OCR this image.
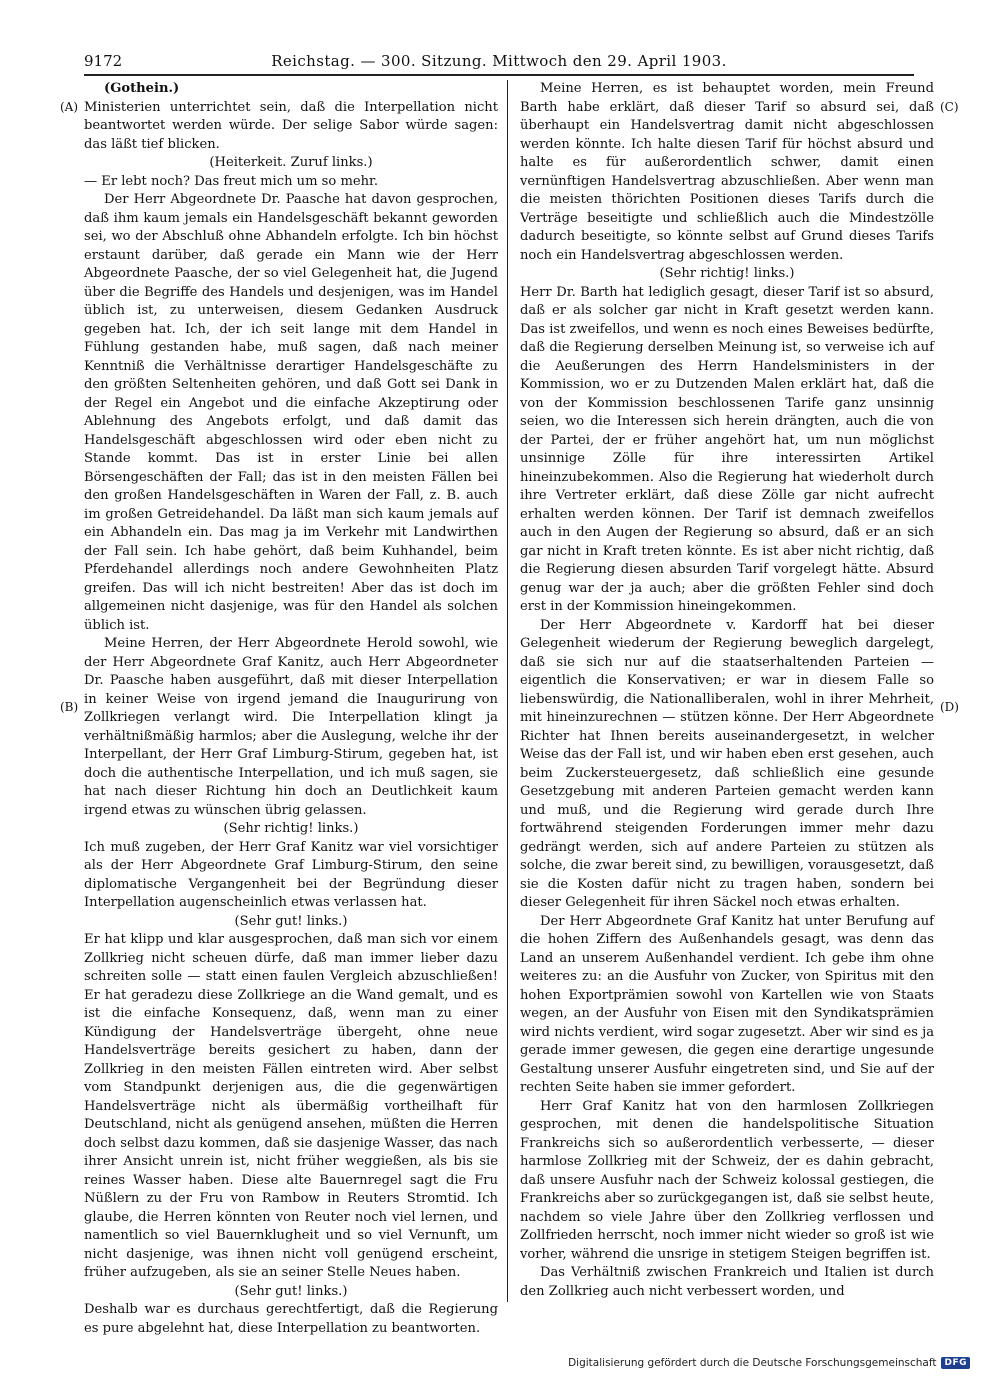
9172	Reichstag. — 300. Sitzung. Mittwoch den 29. April 1903.
(A)
(B)
(C)
(D)

(Gothein.)

Ministerien unterrichtet sein, daß die Interpellation nicht beantwortet werden würde. Der selige Sabor würde sagen: das läßt tief blicken.

(Heiterkeit. Zuruf links.)

— Er lebt noch? Das freut mich um so mehr.

Der Herr Abgeordnete Dr. Paasche hat davon gesprochen, daß ihm kaum jemals ein Handelsgeschäft bekannt geworden sei, wo der Abschluß ohne Abhandeln erfolgte. Ich bin höchst erstaunt darüber, daß gerade ein Mann wie der Herr Abgeordnete Paasche, der so viel Gelegenheit hat, die Jugend über die Begriffe des Handels und desjenigen, was im Handel üblich ist, zu unterweisen, diesem Gedanken Ausdruck gegeben hat. Ich, der ich seit lange mit dem Handel in Fühlung gestanden habe, muß sagen, daß nach meiner Kenntniß die Verhältnisse derartiger Handelsgeschäfte zu den größten Seltenheiten gehören, und daß Gott sei Dank in der Regel ein Angebot und die einfache Akzeptirung oder Ablehnung des Angebots erfolgt, und daß damit das Handelsgeschäft abgeschlossen wird oder eben nicht zu Stande kommt. Das ist in erster Linie bei allen Börsengeschäften der Fall; das ist in den meisten Fällen bei den großen Handelsgeschäften in Waren der Fall, z. B. auch im großen Getreidehandel. Da läßt man sich kaum jemals auf ein Abhandeln ein. Das mag ja im Verkehr mit Landwirthen der Fall sein. Ich habe gehört, daß beim Kuhhandel, beim Pferdehandel allerdings noch andere Gewohnheiten Platz greifen. Das will ich nicht bestreiten! Aber das ist doch im allgemeinen nicht dasjenige, was für den Handel als solchen üblich ist.

Meine Herren, der Herr Abgeordnete Herold sowohl, wie der Herr Abgeordnete Graf Kanitz, auch Herr Abgeordneter Dr. Paasche haben ausgeführt, daß mit dieser Interpellation in keiner Weise von irgend jemand die Inaugurirung von Zollkriegen verlangt wird. Die Interpellation klingt ja verhältnißmäßig harmlos; aber die Auslegung, welche ihr der Interpellant, der Herr Graf Limburg-Stirum, gegeben hat, ist doch die authentische Interpellation, und ich muß sagen, sie hat nach dieser Richtung hin doch an Deutlichkeit kaum irgend etwas zu wünschen übrig gelassen.

(Sehr richtig! links.)

Ich muß zugeben, der Herr Graf Kanitz war viel vorsichtiger als der Herr Abgeordnete Graf Limburg-Stirum, den seine diplomatische Vergangenheit bei der Begründung dieser Interpellation augenscheinlich etwas verlassen hat.

(Sehr gut! links.)

Er hat klipp und klar ausgesprochen, daß man sich vor einem Zollkrieg nicht scheuen dürfe, daß man immer lieber dazu schreiten solle — statt einen faulen Vergleich abzuschließen! Er hat geradezu diese Zollkriege an die Wand gemalt, und es ist die einfache Konsequenz, daß, wenn man zu einer Kündigung der Handelsverträge übergeht, ohne neue Handelsverträge bereits gesichert zu haben, dann der Zollkrieg in den meisten Fällen eintreten wird. Aber selbst vom Standpunkt derjenigen aus, die die gegenwärtigen Handelsverträge nicht als übermäßig vortheilhaft für Deutschland, nicht als genügend ansehen, müßten die Herren doch selbst dazu kommen, daß sie dasjenige Wasser, das nach ihrer Ansicht unrein ist, nicht früher weggießen, als bis sie reines Wasser haben. Diese alte Bauernregel sagt die Fru Nüßlern zu der Fru von Rambow in Reuters Stromtid. Ich glaube, die Herren könnten von Reuter noch viel lernen, und namentlich so viel Bauernklugheit und so viel Vernunft, um nicht dasjenige, was ihnen nicht voll genügend erscheint, früher aufzugeben, als sie an seiner Stelle Neues haben.

(Sehr gut! links.)

Deshalb war es durchaus gerechtfertigt, daß die Regierung es pure abgelehnt hat, diese Interpellation zu beantworten.

Meine Herren, es ist behauptet worden, mein Freund Barth habe erklärt, daß dieser Tarif so absurd sei, daß überhaupt ein Handelsvertrag damit nicht abgeschlossen werden könnte. Ich halte diesen Tarif für höchst absurd und halte es für außerordentlich schwer, damit einen vernünftigen Handelsvertrag abzuschließen. Aber wenn man die meisten thörichten Positionen dieses Tarifs durch die Verträge beseitigte und schließlich auch die Mindestzölle dadurch beseitigte, so könnte selbst auf Grund dieses Tarifs noch ein Handelsvertrag abgeschlossen werden.

(Sehr richtig! links.)

Herr Dr. Barth hat lediglich gesagt, dieser Tarif ist so absurd, daß er als solcher gar nicht in Kraft gesetzt werden kann. Das ist zweifellos, und wenn es noch eines Beweises bedürfte, daß die Regierung derselben Meinung ist, so verweise ich auf die Aeußerungen des Herrn Handelsministers in der Kommission, wo er zu Dutzenden Malen erklärt hat, daß die von der Kommission beschlossenen Tarife ganz unsinnig seien, wo die Interessen sich herein drängten, auch die von der Partei, der er früher angehört hat, um nun möglichst unsinnige Zölle für ihre interessirten Artikel hineinzubekommen. Also die Regierung hat wiederholt durch ihre Vertreter erklärt, daß diese Zölle gar nicht aufrecht erhalten werden können. Der Tarif ist demnach zweifellos auch in den Augen der Regierung so absurd, daß er an sich gar nicht in Kraft treten könnte. Es ist aber nicht richtig, daß die Regierung diesen absurden Tarif vorgelegt hätte. Absurd genug war der ja auch; aber die größten Fehler sind doch erst in der Kommission hineingekommen.

Der Herr Abgeordnete v. Kardorff hat bei dieser Gelegenheit wiederum der Regierung beweglich dargelegt, daß sie sich nur auf die staatserhaltenden Parteien — eigentlich die Konservativen; er war in diesem Falle so liebenswürdig, die Nationalliberalen, wohl in ihrer Mehrheit, mit hineinzurechnen — stützen könne. Der Herr Abgeordnete Richter hat Ihnen bereits auseinandergesetzt, in welcher Weise das der Fall ist, und wir haben eben erst gesehen, auch beim Zuckersteuergesetz, daß schließlich eine gesunde Gesetzgebung mit anderen Parteien gemacht werden kann und muß, und die Regierung wird gerade durch Ihre fortwährend steigenden Forderungen immer mehr dazu gedrängt werden, sich auf andere Parteien zu stützen als solche, die zwar bereit sind, zu bewilligen, vorausgesetzt, daß sie die Kosten dafür nicht zu tragen haben, sondern bei dieser Gelegenheit für ihren Säckel noch etwas erhalten.

Der Herr Abgeordnete Graf Kanitz hat unter Berufung auf die hohen Ziffern des Außenhandels gesagt, was denn das Land an unserem Außenhandel verdient. Ich gebe ihm ohne weiteres zu: an die Ausfuhr von Zucker, von Spiritus mit den hohen Exportprämien sowohl von Kartellen wie von Staats wegen, an der Ausfuhr von Eisen mit den Syndikatsprämien wird nichts verdient, wird sogar zugesetzt. Aber wir sind es ja gerade immer gewesen, die gegen eine derartige ungesunde Gestaltung unserer Ausfuhr eingetreten sind, und Sie auf der rechten Seite haben sie immer gefordert.

Herr Graf Kanitz hat von den harmlosen Zollkriegen gesprochen, mit denen die handelspolitische Situation Frankreichs sich so außerordentlich verbesserte, — dieser harmlose Zollkrieg mit der Schweiz, der es dahin gebracht, daß unsere Ausfuhr nach der Schweiz kolossal gestiegen, die Frankreichs aber so zurückgegangen ist, daß sie selbst heute, nachdem so viele Jahre über den Zollkrieg verflossen und Zollfrieden herrscht, noch immer nicht wieder so groß ist wie vorher, während die unsrige in stetigem Steigen begriffen ist.

Das Verhältniß zwischen Frankreich und Italien ist durch den Zollkrieg auch nicht verbessert worden, und

Digitalisierung gefördert durch die Deutsche Forschungsgemeinschaft DFG
